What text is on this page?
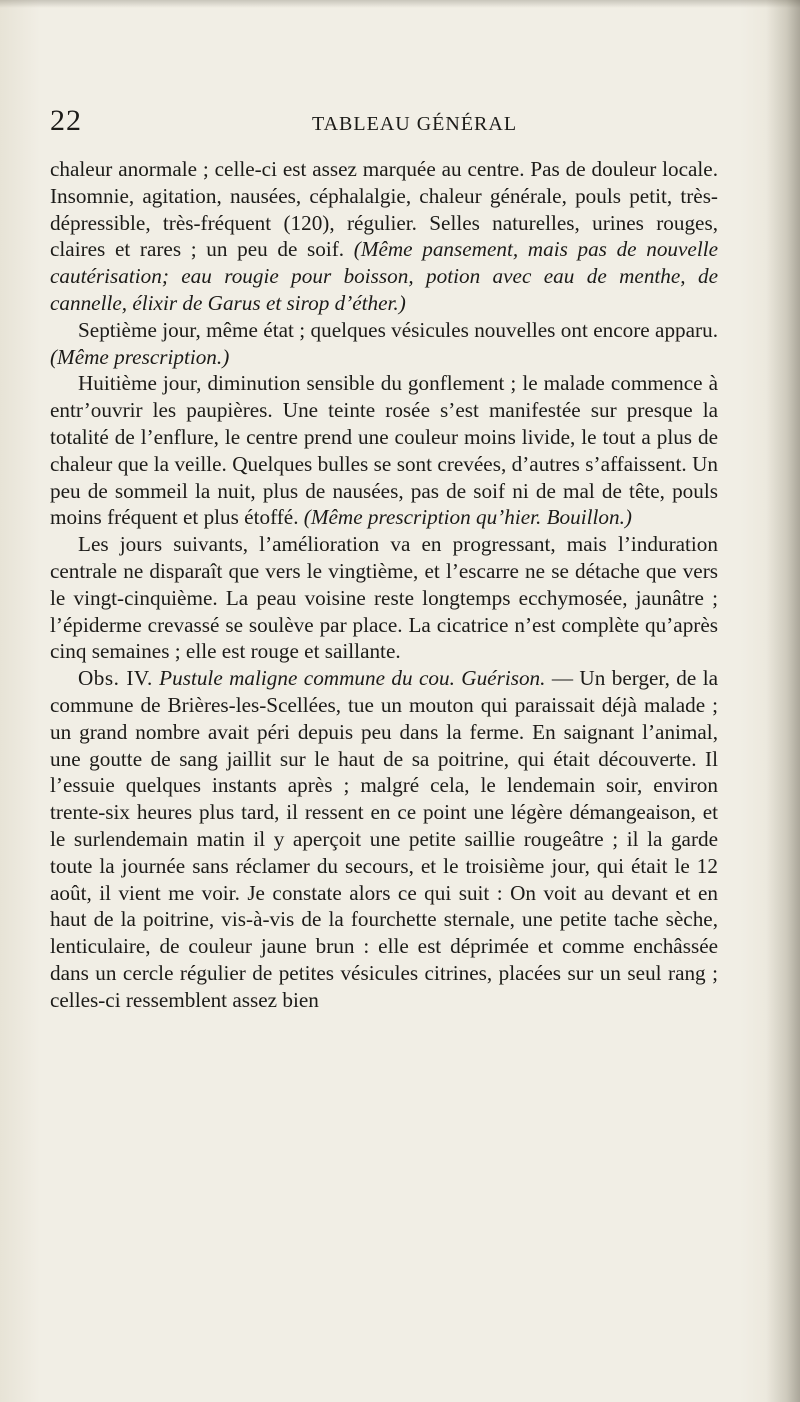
22	TABLEAU GÉNÉRAL

chaleur anormale ; celle-ci est assez marquée au centre. Pas de douleur locale. Insomnie, agitation, nausées, céphalalgie, chaleur générale, pouls petit, très-dépressible, très-fréquent (120), régulier. Selles naturelles, urines rouges, claires et rares ; un peu de soif. (Même pansement, mais pas de nouvelle cautérisation; eau rougie pour boisson, potion avec eau de menthe, de cannelle, élixir de Garus et sirop d’éther.)

Septième jour, même état ; quelques vésicules nouvelles ont encore apparu. (Même prescription.)

Huitième jour, diminution sensible du gonflement ; le malade commence à entr’ouvrir les paupières. Une teinte rosée s’est manifestée sur presque la totalité de l’enflure, le centre prend une couleur moins livide, le tout a plus de chaleur que la veille. Quelques bulles se sont crevées, d’autres s’affaissent. Un peu de sommeil la nuit, plus de nausées, pas de soif ni de mal de tête, pouls moins fréquent et plus étoffé. (Même prescription qu’hier. Bouillon.)

Les jours suivants, l’amélioration va en progressant, mais l’induration centrale ne disparaît que vers le vingtième, et l’escarre ne se détache que vers le vingt-cinquième. La peau voisine reste longtemps ecchymosée, jaunâtre ; l’épiderme crevassé se soulève par place. La cicatrice n’est complète qu’après cinq semaines ; elle est rouge et saillante.

Obs. IV. Pustule maligne commune du cou. Guérison. — Un berger, de la commune de Brières-les-Scellées, tue un mouton qui paraissait déjà malade ; un grand nombre avait péri depuis peu dans la ferme. En saignant l’animal, une goutte de sang jaillit sur le haut de sa poitrine, qui était découverte. Il l’essuie quelques instants après ; malgré cela, le lendemain soir, environ trente-six heures plus tard, il ressent en ce point une légère démangeaison, et le surlendemain matin il y aperçoit une petite saillie rougeâtre ; il la garde toute la journée sans réclamer du secours, et le troisième jour, qui était le 12 août, il vient me voir. Je constate alors ce qui suit : On voit au devant et en haut de la poitrine, vis-à-vis de la fourchette sternale, une petite tache sèche, lenticulaire, de couleur jaune brun : elle est déprimée et comme enchâssée dans un cercle régulier de petites vésicules citrines, placées sur un seul rang ; celles-ci ressemblent assez bien
